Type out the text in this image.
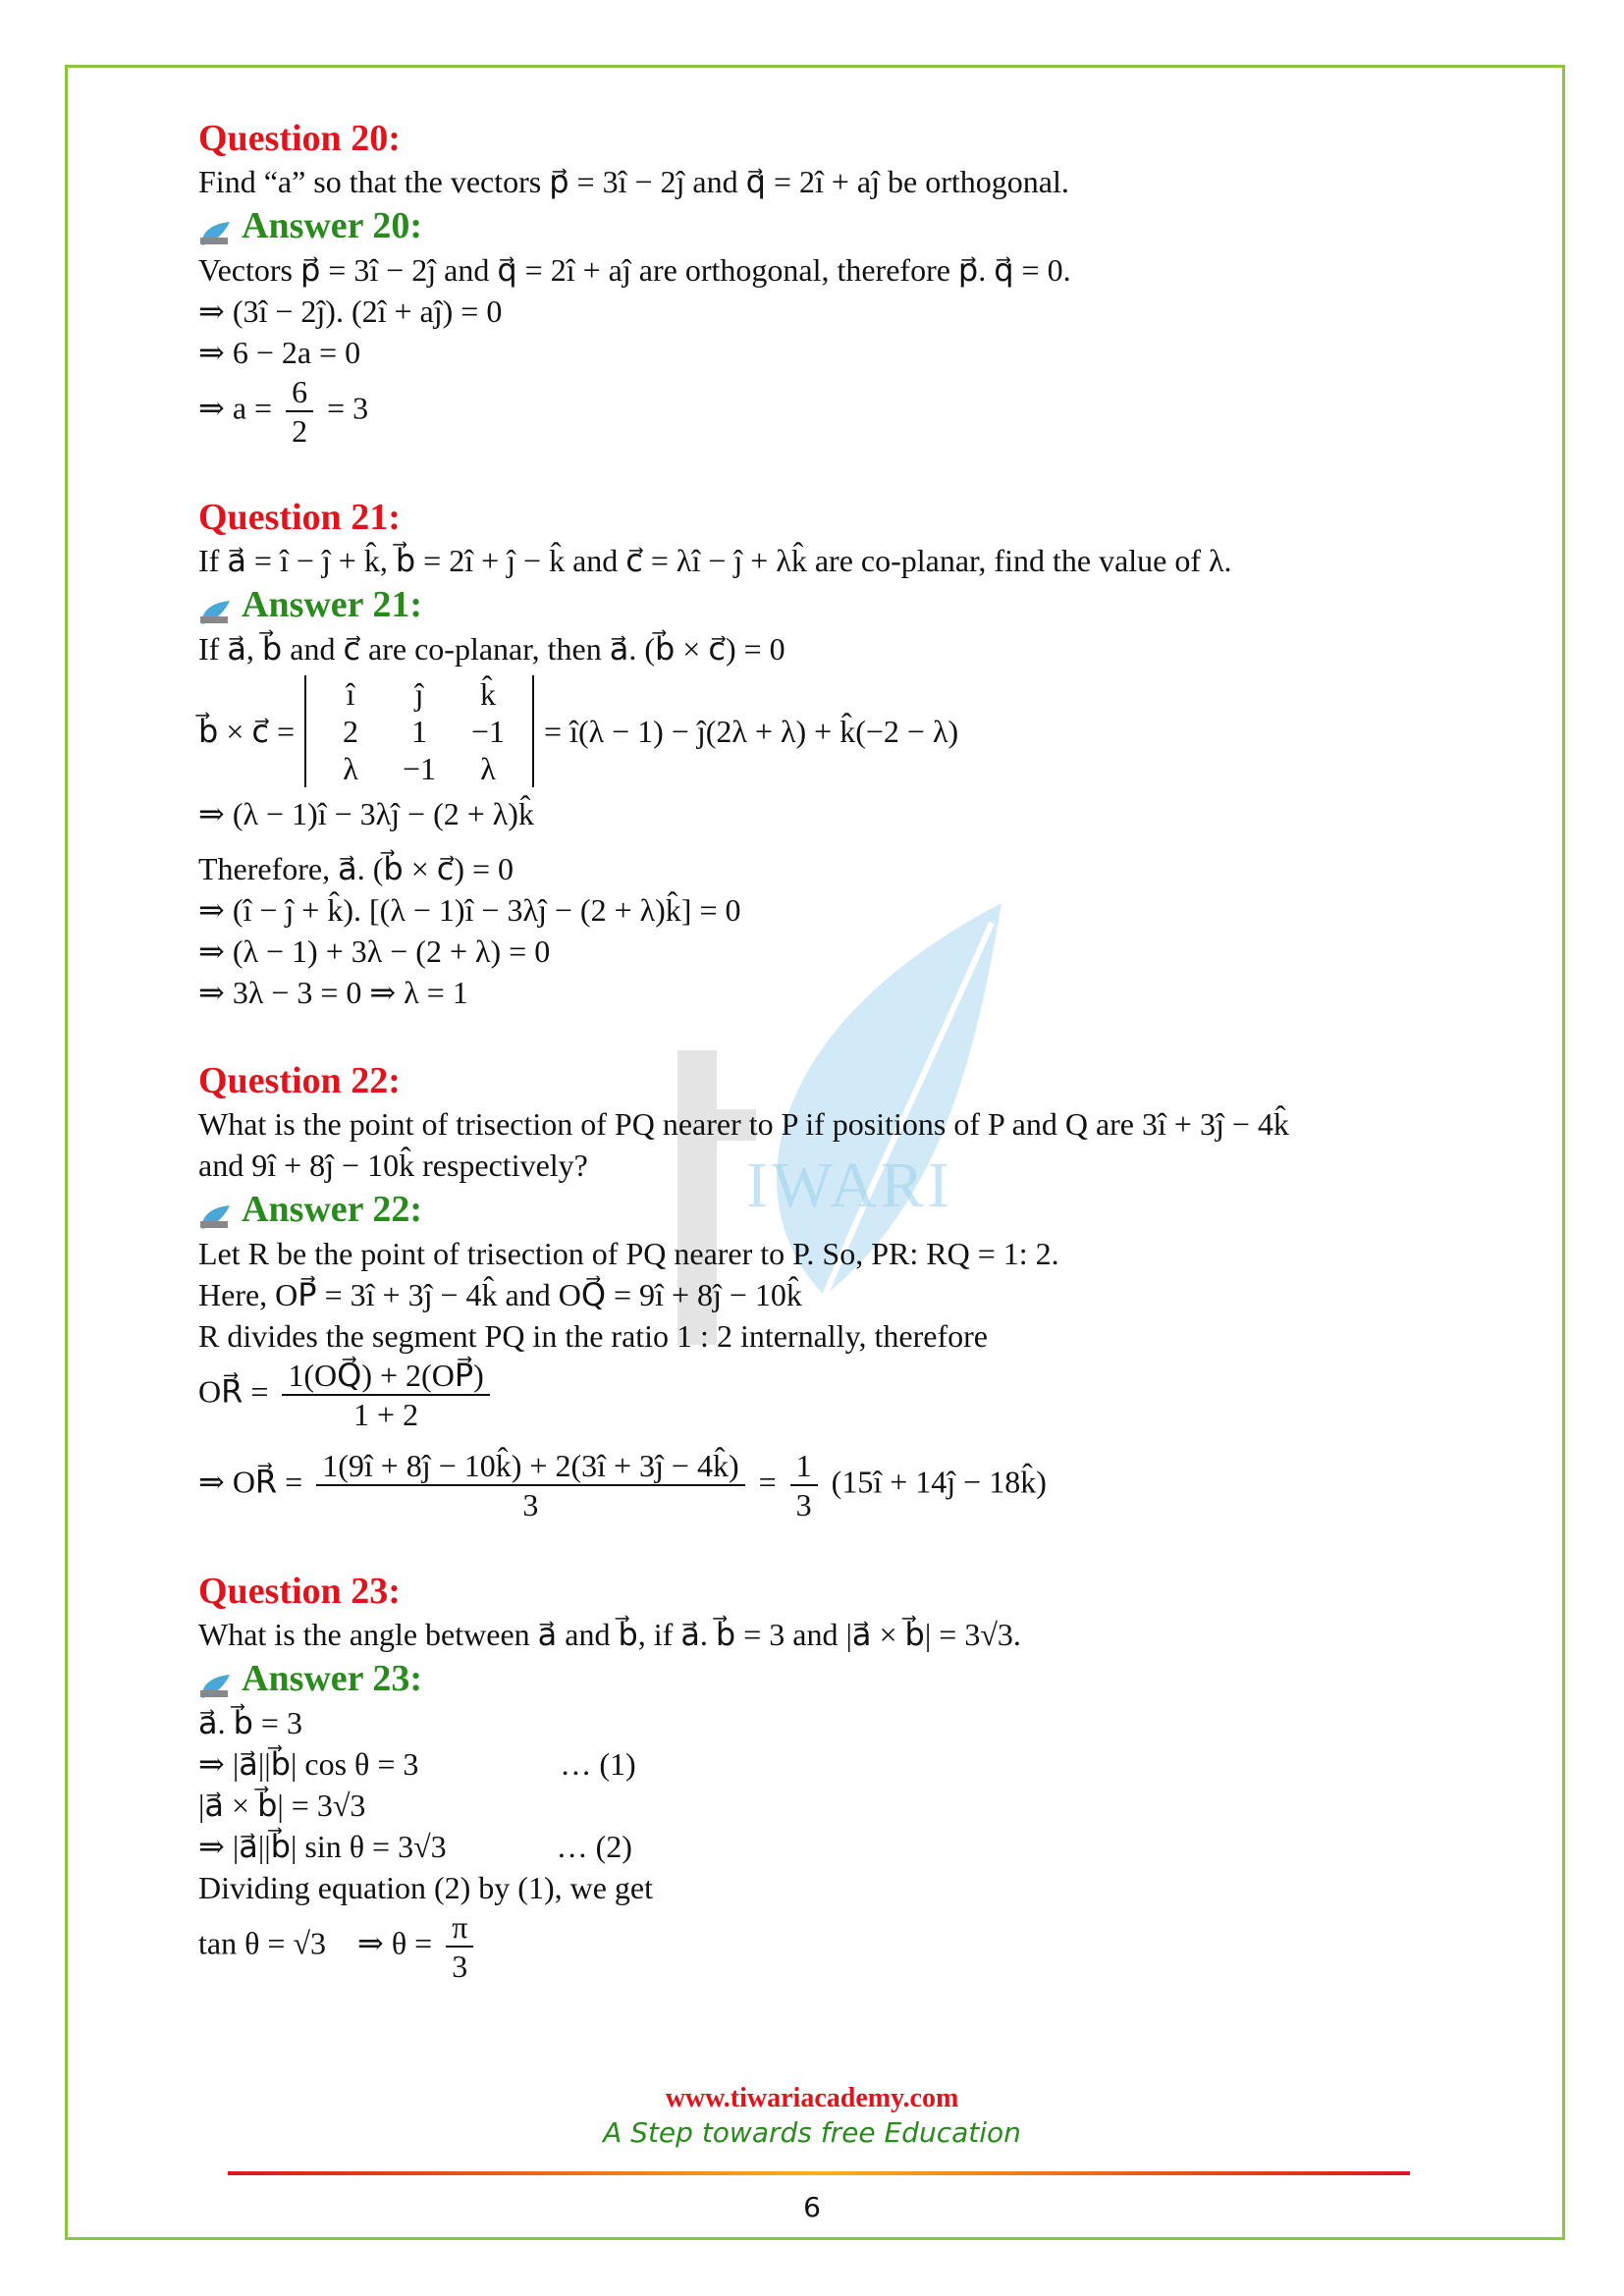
IWARI
Question 20:
Find “a” so that the vectors p⃗ = 3î − 2ĵ and q⃗ = 2î + aĵ be orthogonal.
Answer 20:
Vectors p⃗ = 3î − 2ĵ and q⃗ = 2î + aĵ are orthogonal, therefore p⃗. q⃗ = 0.
⇒ (3î − 2ĵ). (2î + aĵ) = 0
⇒ 6 − 2a = 0
⇒ $a = \frac{6}{2} = 3$
Question 21:
If a⃗ = î − ĵ + k̂, b⃗ = 2î + ĵ − k̂ and c⃗ = λî − ĵ + λk̂ are co-planar, find the value of λ.
Answer 21:
If a⃗, b⃗ and c⃗ are co-planar, then a⃗. (b⃗ × c⃗) = 0
b⃗ × c⃗ =
î	ĵ	k̂
2	1	−1
λ	−1	λ
= î(λ − 1) − ĵ(2λ + λ) + k̂(−2 − λ)
⇒ (λ − 1)î − 3λĵ − (2 + λ)k̂
Therefore, a⃗. (b⃗ × c⃗) = 0
⇒ (î − ĵ + k̂). [(λ − 1)î − 3λĵ − (2 + λ)k̂] = 0
⇒ (λ − 1) + 3λ − (2 + λ) = 0
⇒ 3λ − 3 = 0 ⇒ λ = 1
Question 22:
What is the point of trisection of PQ nearer to P if positions of P and Q are 3î + 3ĵ − 4k̂
and 9î + 8ĵ − 10k̂ respectively?
Answer 22:
Let R be the point of trisection of PQ nearer to P. So, PR: RQ = 1: 2.
Here, OP⃗ = 3î + 3ĵ − 4k̂ and OQ⃗ = 9î + 8ĵ − 10k̂
R divides the segment PQ in the ratio 1 : 2 internally, therefore
OR⃗ = $\frac{1(OQ⃗) + 2(OP⃗)}{1 + 2}$
⇒ OR⃗ = $\frac{1(9î + 8ĵ - 10k̂) + 2(3î + 3ĵ - 4k̂)}{3} = \frac{1}{3}$ (15î + 14ĵ − 18k̂)
Question 23:
What is the angle between a⃗ and b⃗, if a⃗. b⃗ = 3 and |a⃗ × b⃗| = 3√3.
Answer 23:
a⃗. b⃗ = 3
⇒ |a⃗||b⃗| cos θ = 3                  … (1)
|a⃗ × b⃗| = 3√3
⇒ |a⃗||b⃗| sin θ = 3√3              … (2)
Dividing equation (2) by (1), we get
tan θ = √3    ⇒ $\theta = \frac{\pi}{3}$
www.tiwariacademy.com
A Step towards free Education
6
